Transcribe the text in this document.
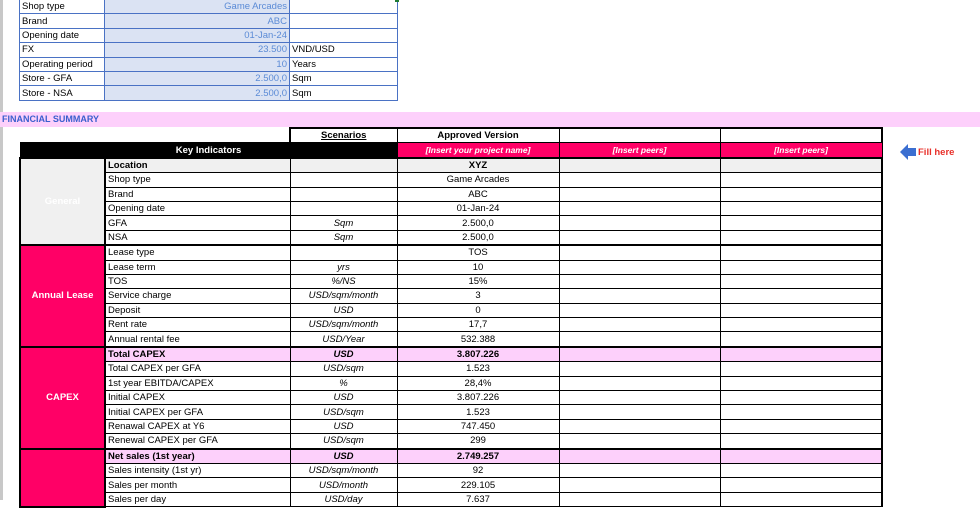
Shop type	Game Arcades	
Brand	ABC	
Opening date	01-Jan-24	
FX	23.500	VND/USD
Operating period	10	Years
Store - GFA	2.500,0	Sqm
Store - NSA	2.500,0	Sqm
FINANCIAL SUMMARY
		Scenarios	Approved Version		
Key Indicators			[Insert your project name]	[Insert peers]	[Insert peers]
General	Location		XYZ		
	Shop type		Game Arcades		
	Brand		ABC		
	Opening date		01-Jan-24		
	GFA	Sqm	2.500,0		
	NSA	Sqm	2.500,0		
Annual Lease	Lease type		TOS		
	Lease term	yrs	10		
	TOS	%/NS	15%		
	Service charge	USD/sqm/month	3		
	Deposit	USD	0		
	Rent rate	USD/sqm/month	17,7		
	Annual rental fee	USD/Year	532.388		
CAPEX	Total CAPEX	USD	3.807.226		
	Total CAPEX per GFA	USD/sqm	1.523		
	1st year EBITDA/CAPEX	%	28,4%		
	Initial CAPEX	USD	3.807.226		
	Initial CAPEX per GFA	USD/sqm	1.523		
	Renawal CAPEX at Y6	USD	747.450		
	Renewal CAPEX per GFA	USD/sqm	299		
	Net sales (1st year)	USD	2.749.257		
	Sales intensity (1st yr)	USD/sqm/month	92		
	Sales per month	USD/month	229.105		
	Sales per day	USD/day	7.637		
Fill here
